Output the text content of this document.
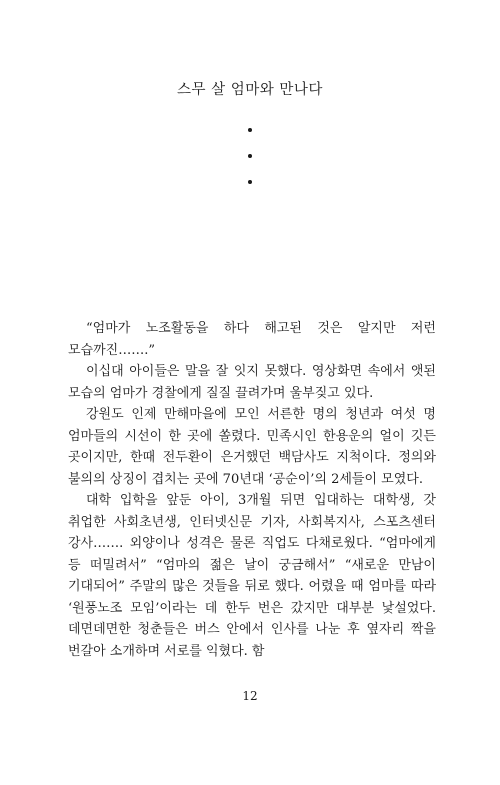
스무 살 엄마와 만나다

“엄마가 노조활동을 하다 해고된 것은 알지만 저런 모습까진…….”

이십대 아이들은 말을 잘 잇지 못했다. 영상화면 속에서 앳된 모습의 엄마가 경찰에게 질질 끌려가며 울부짖고 있다.

강원도 인제 만해마을에 모인 서른한 명의 청년과 여섯 명 엄마들의 시선이 한 곳에 쏠렸다. 민족시인 한용운의 얼이 깃든 곳이지만, 한때 전두환이 은거했던 백담사도 지척이다. 정의와 불의의 상징이 겹치는 곳에 70년대 ‘공순이’의 2세들이 모였다.

대학 입학을 앞둔 아이, 3개월 뒤면 입대하는 대학생, 갓 취업한 사회초년생, 인터넷신문 기자, 사회복지사, 스포츠센터 강사……. 외양이나 성격은 물론 직업도 다채로웠다. “엄마에게 등 떠밀려서” “엄마의 젊은 날이 궁금해서” “새로운 만남이 기대되어” 주말의 많은 것들을 뒤로 했다. 어렸을 때 엄마를 따라 ‘원풍노조 모임’이라는 데 한두 번은 갔지만 대부분 낯설었다. 데면데면한 청춘들은 버스 안에서 인사를 나눈 후 옆자리 짝을 번갈아 소개하며 서로를 익혔다. 함

12
